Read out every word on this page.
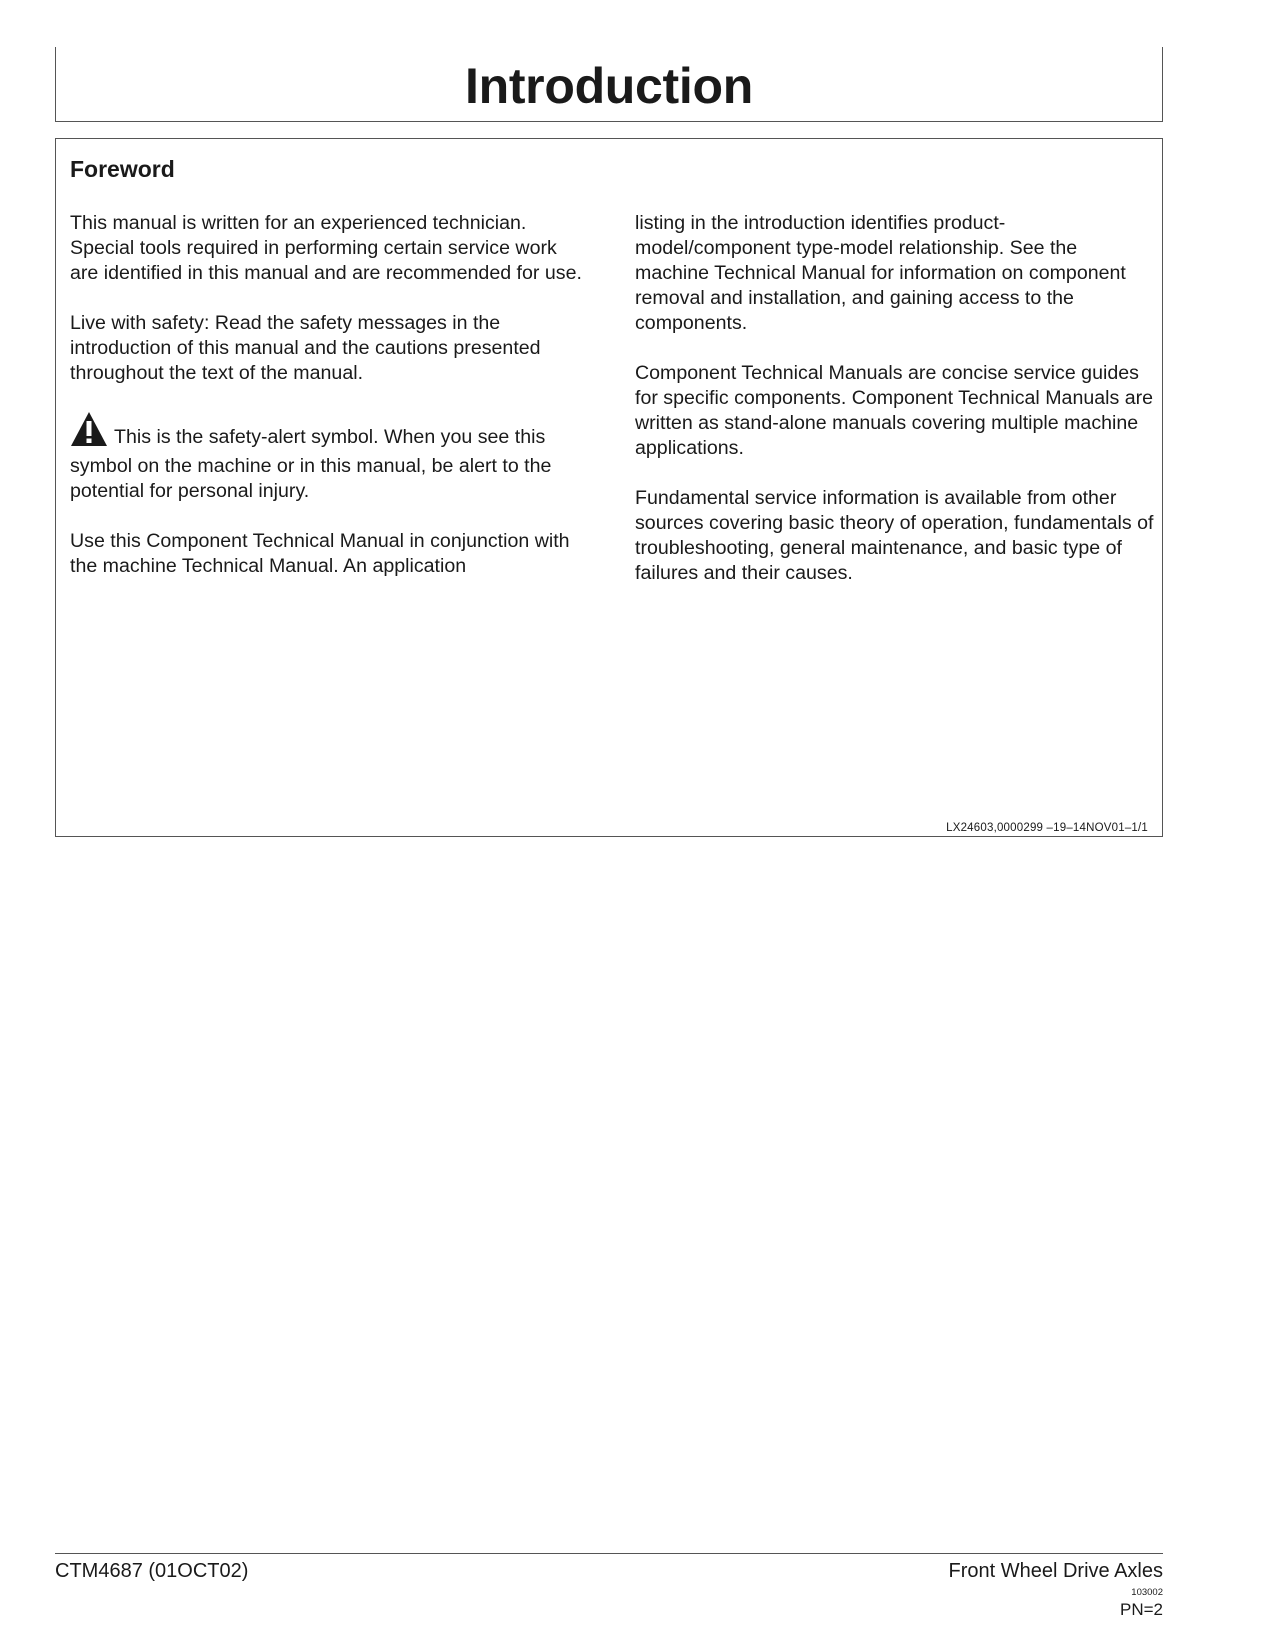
Introduction
Foreword

This manual is written for an experienced technician. Special tools required in performing certain service work are identified in this manual and are recommended for use.

Live with safety: Read the safety messages in the introduction of this manual and the cautions presented throughout the text of the manual.

This is the safety-alert symbol. When you see this symbol on the machine or in this manual, be alert to the potential for personal injury.

Use this Component Technical Manual in conjunction with the machine Technical Manual. An application

listing in the introduction identifies product-model/component type-model relationship. See the machine Technical Manual for information on component removal and installation, and gaining access to the components.

Component Technical Manuals are concise service guides for specific components. Component Technical Manuals are written as stand-alone manuals covering multiple machine applications.

Fundamental service information is available from other sources covering basic theory of operation, fundamentals of troubleshooting, general maintenance, and basic type of failures and their causes.

LX24603,0000299 –19–14NOV01–1/1
CTM4687 (01OCT02)	Front Wheel Drive Axles
103002
PN=2
